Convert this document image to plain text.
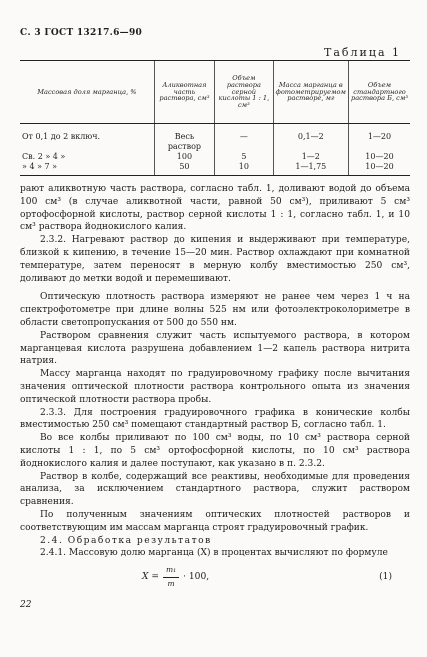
С. 3 ГОСТ 13217.6—90
Таблица 1
Массовая доля марганца, %	Аликвотная часть раствора, см³	Объем раствора серной кислоты 1 : 1, см³	Масса марганца в фотометрируемом растворе, мг	Объем стандартного раствора Б, см³
От 0,1 до 2 включ.	Весь	—	0,1—2	1—20
	раствор			
Св. 2 » 4 »	100	5	1—2	10—20
» 4 » 7 »	50	10	1—1,75	10—20

рают аликвотную часть раствора, согласно табл. 1, доливают водой до объема 100 см³ (в случае аликвотной части, равной 50 см³), приливают 5 см³ ортофосфорной кислоты, раствор серной кислоты 1 : 1, согласно табл. 1, и 10 см³ раствора йоднокислого калия.

2.3.2. Нагревают раствор до кипения и выдерживают при температуре, близкой к кипению, в течение 15—20 мин. Раствор охлаждают при комнатной температуре, затем переносят в мерную колбу вместимостью 250 см³, доливают до метки водой и перемешивают.

Оптическую плотность раствора измеряют не ранее чем через 1 ч на спектрофотометре при длине волны 525 нм или фотоэлектроколориметре в области светопропускания от 500 до 550 нм.

Раствором сравнения служит часть испытуемого раствора, в котором марганцевая кислота разрушена добавлением 1—2 капель раствора нитрита натрия.

Массу марганца находят по градуировочному графику после вычитания значения оптической плотности раствора контрольного опыта из значения оптической плотности раствора пробы.

2.3.3. Для построения градуировочного графика в конические колбы вместимостью 250 см³ помещают стандартный раствор Б, согласно табл. 1.

Во все колбы приливают по 100 см³ воды, по 10 см³ раствора серной кислоты 1 : 1, по 5 см³ ортофосфорной кислоты, по 10 см³ раствора йоднокислого калия и далее поступают, как указано в п. 2.3.2.

Раствор в колбе, содержащий все реактивы, необходимые для проведения анализа, за исключением стандартного раствора, служит раствором сравнения.

По полученным значениям оптических плотностей растворов и соответствующим им массам марганца строят градуировочный график.

2.4. Обработка результатов

2.4.1. Массовую долю марганца (X) в процентах вычисляют по формуле

$X = \frac{\text{m₁}}{m} \cdot 100$,	(1)
22
